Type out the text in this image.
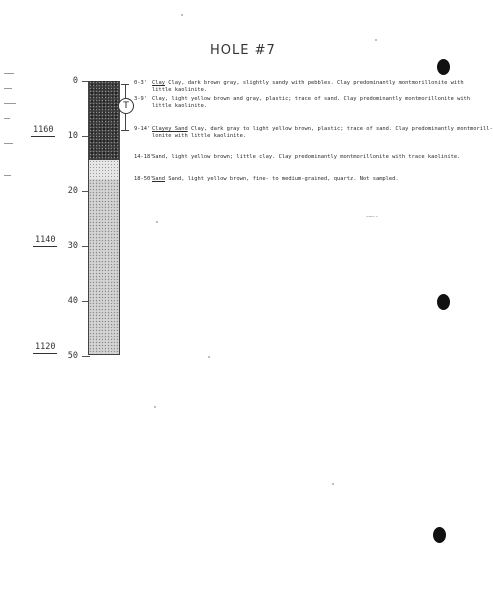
HOLE #7
1160
1140
1120
0
10
20
30
40
50
T
0-3' Clay Clay, dark brown gray, slightly sandy with pebbles. Clay predominantly montmorillonite with
little kaolinite.
3-9' Clay, light yellow brown and gray, plastic; trace of sand. Clay predominantly montmorillonite with
little kaolinite.
9-14' Clayey Sand Clay, dark gray to light yellow brown, plastic; trace of sand. Clay predominantly montmorill-
lonite with little kaolinite.
14-18'Sand, light yellow brown; little clay. Clay predominantly montmorillonite with trace kaolinite.
18-50'Sand Sand, light yellow brown, fine- to medium-grained, quartz. Not sampled.
-~--
